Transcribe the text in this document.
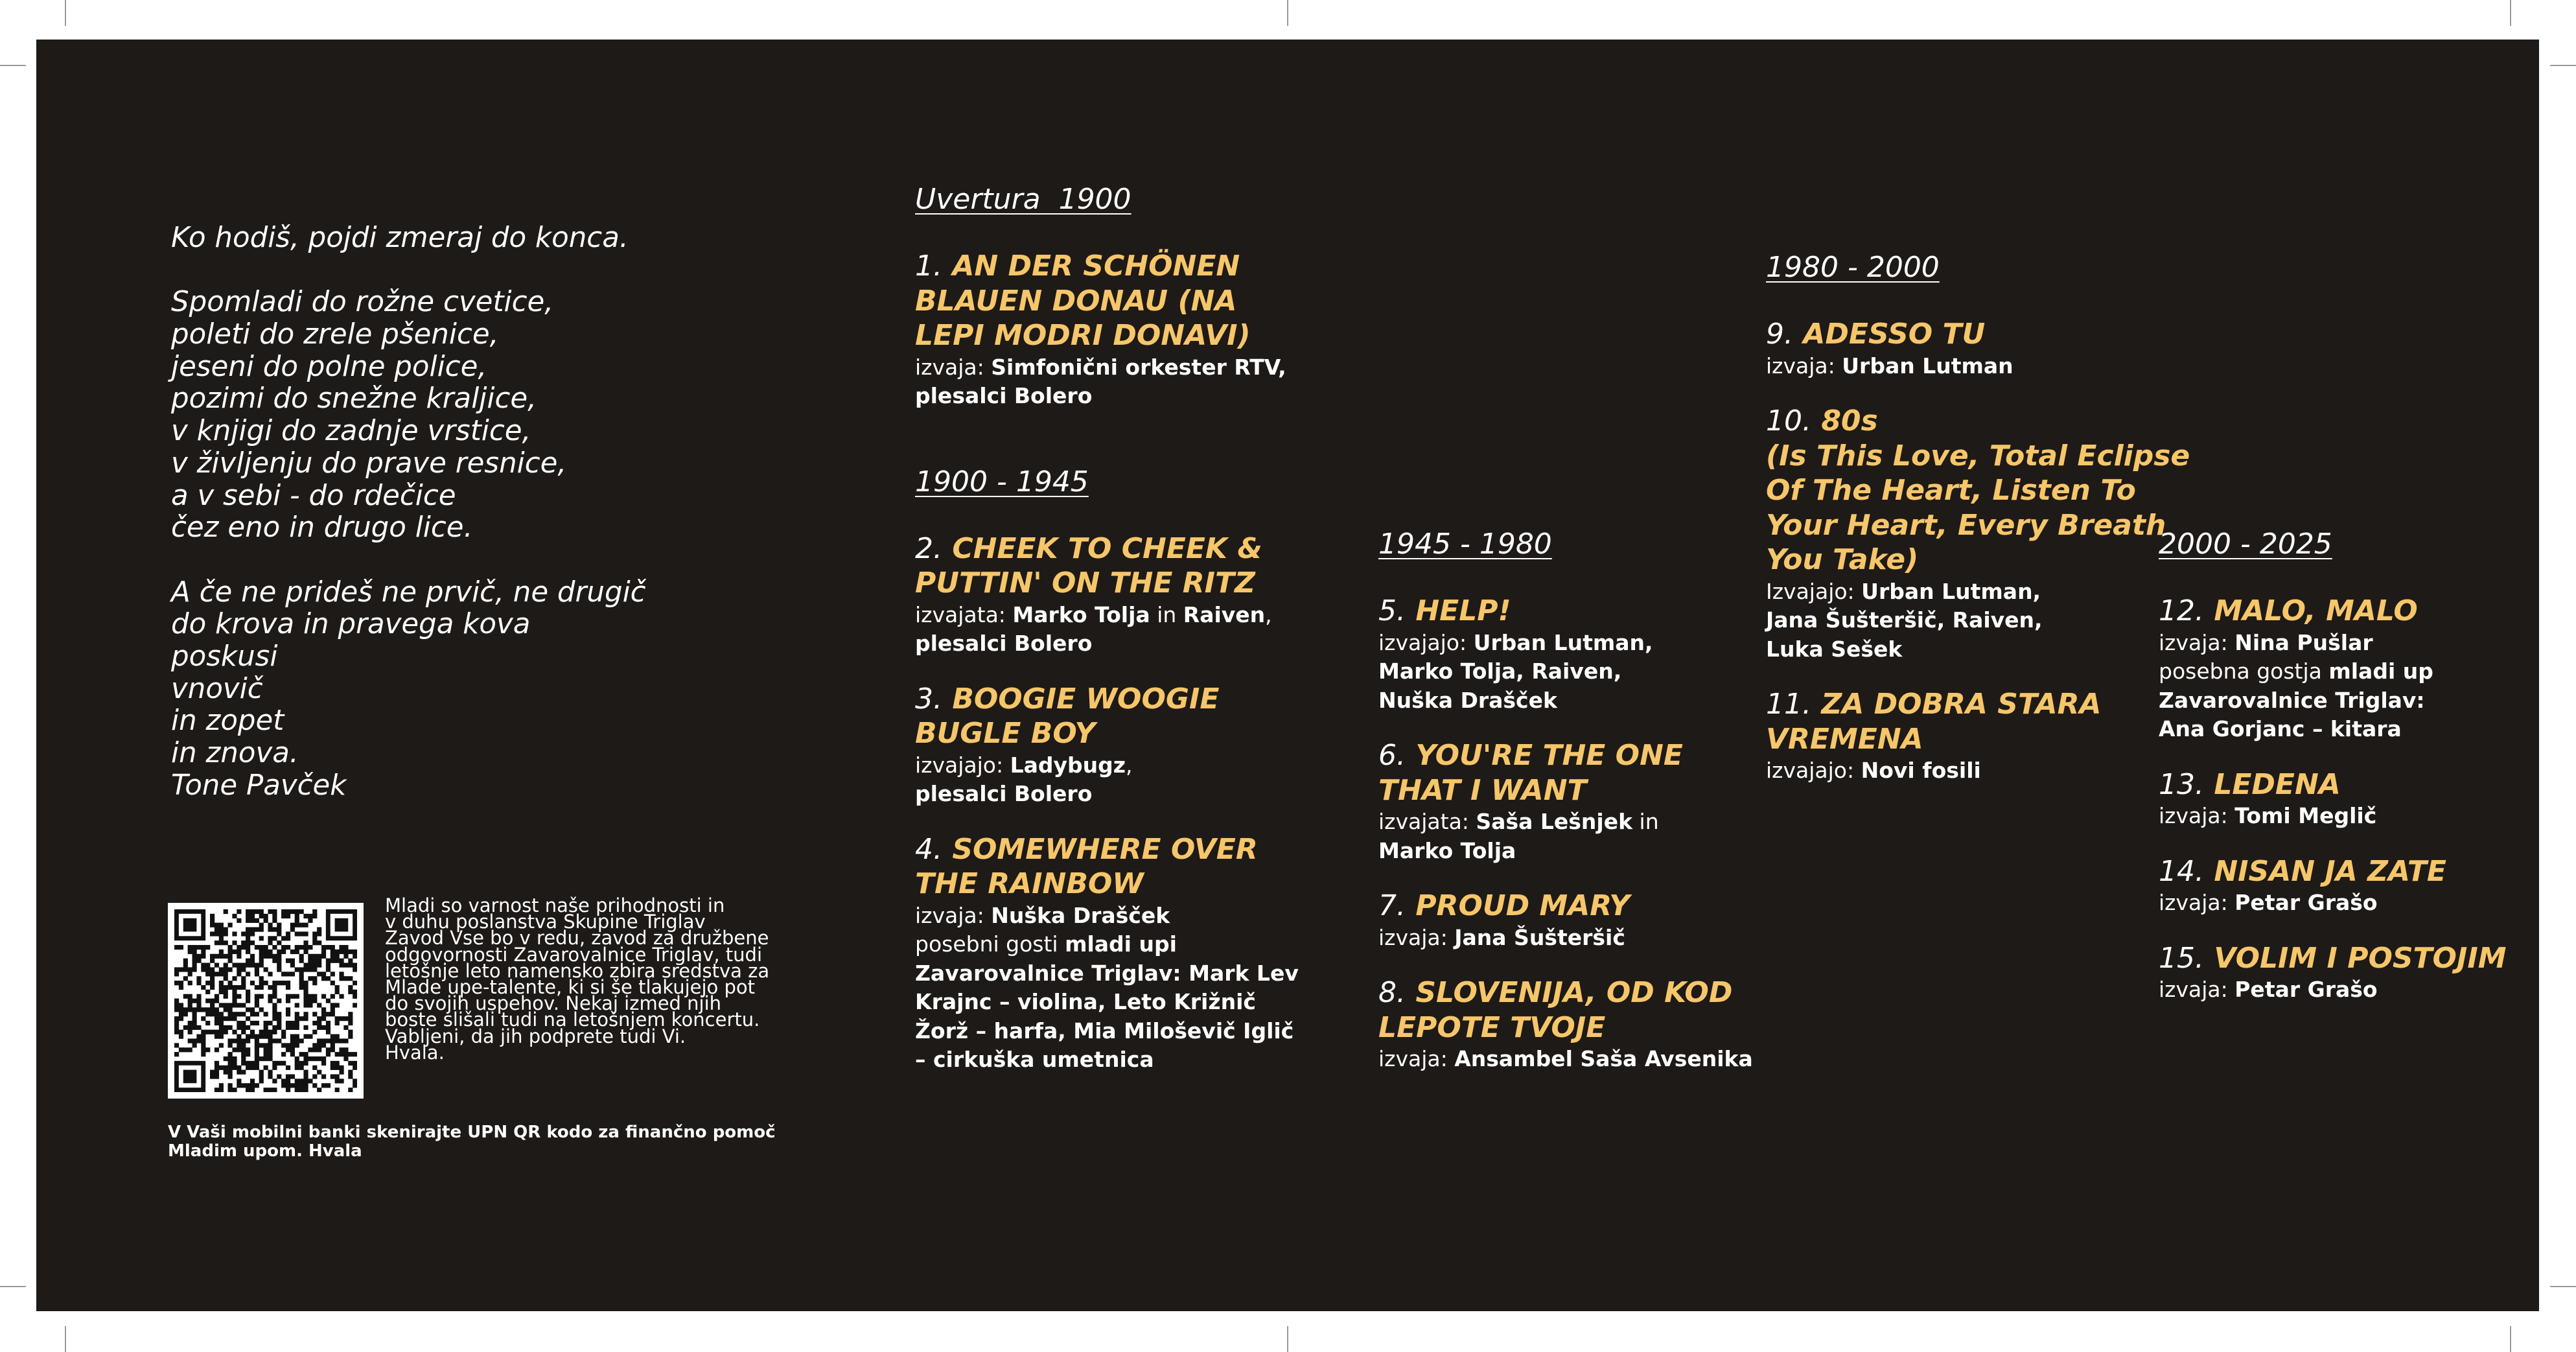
Ko hodiš, pojdi zmeraj do konca.
Spomladi do rožne cvetice,
poleti do zrele pšenice,
jeseni do polne police,
pozimi do snežne kraljice,
v knjigi do zadnje vrstice,
v življenju do prave resnice,
a v sebi - do rdečice
čez eno in drugo lice.
A če ne prideš ne prvič, ne drugič
do krova in pravega kova
poskusi
vnovič
in zopet
in znova.
Tone Pavček
Mladi so varnost naše prihodnosti in
v duhu poslanstva Skupine Triglav
Zavod Vse bo v redu, zavod za družbene
odgovornosti Zavarovalnice Triglav, tudi
letošnje leto namensko zbira sredstva za
Mlade upe-talente, ki si še tlakujejo pot
do svojih uspehov. Nekaj izmed njih
boste slišali tudi na letošnjem koncertu.
Vabljeni, da jih podprete tudi Vi.
Hvala.
V Vaši mobilni banki skenirajte UPN QR kodo za finančno pomoč
Mladim upom. Hvala
Uvertura  1900
1. AN DER SCHÖNEN
BLAUEN DONAU (NA
LEPI MODRI DONAVI)
izvaja: Simfonični orkester RTV,
plesalci Bolero
1900 - 1945
2. CHEEK TO CHEEK &
PUTTIN' ON THE RITZ
izvajata: Marko Tolja in Raiven,
plesalci Bolero
3. BOOGIE WOOGIE
BUGLE BOY
izvajajo: Ladybugz,
plesalci Bolero
4. SOMEWHERE OVER
THE RAINBOW
izvaja: Nuška Drašček
posebni gosti mladi upi
Zavarovalnice Triglav: Mark Lev
Krajnc – violina, Leto Križnič
Žorž – harfa, Mia Miloševič Iglič
– cirkuška umetnica
1945 - 1980
5. HELP!
izvajajo: Urban Lutman,
Marko Tolja, Raiven,
Nuška Drašček
6. YOU'RE THE ONE
THAT I WANT
izvajata: Saša Lešnjek in
Marko Tolja
7. PROUD MARY
izvaja: Jana Šušteršič
8. SLOVENIJA, OD KOD
LEPOTE TVOJE
izvaja: Ansambel Saša Avsenika
1980 - 2000
9. ADESSO TU
izvaja: Urban Lutman
10. 80s
(Is This Love, Total Eclipse
Of The Heart, Listen To
Your Heart, Every Breath
You Take)
Izvajajo: Urban Lutman,
Jana Šušteršič, Raiven,
Luka Sešek
11. ZA DOBRA STARA
VREMENA
izvajajo: Novi fosili
2000 - 2025
12. MALO, MALO
izvaja: Nina Pušlar
posebna gostja mladi up
Zavarovalnice Triglav:
Ana Gorjanc – kitara
13. LEDENA
izvaja: Tomi Meglič
14. NISAN JA ZATE
izvaja: Petar Grašo
15. VOLIM I POSTOJIM
izvaja: Petar Grašo
